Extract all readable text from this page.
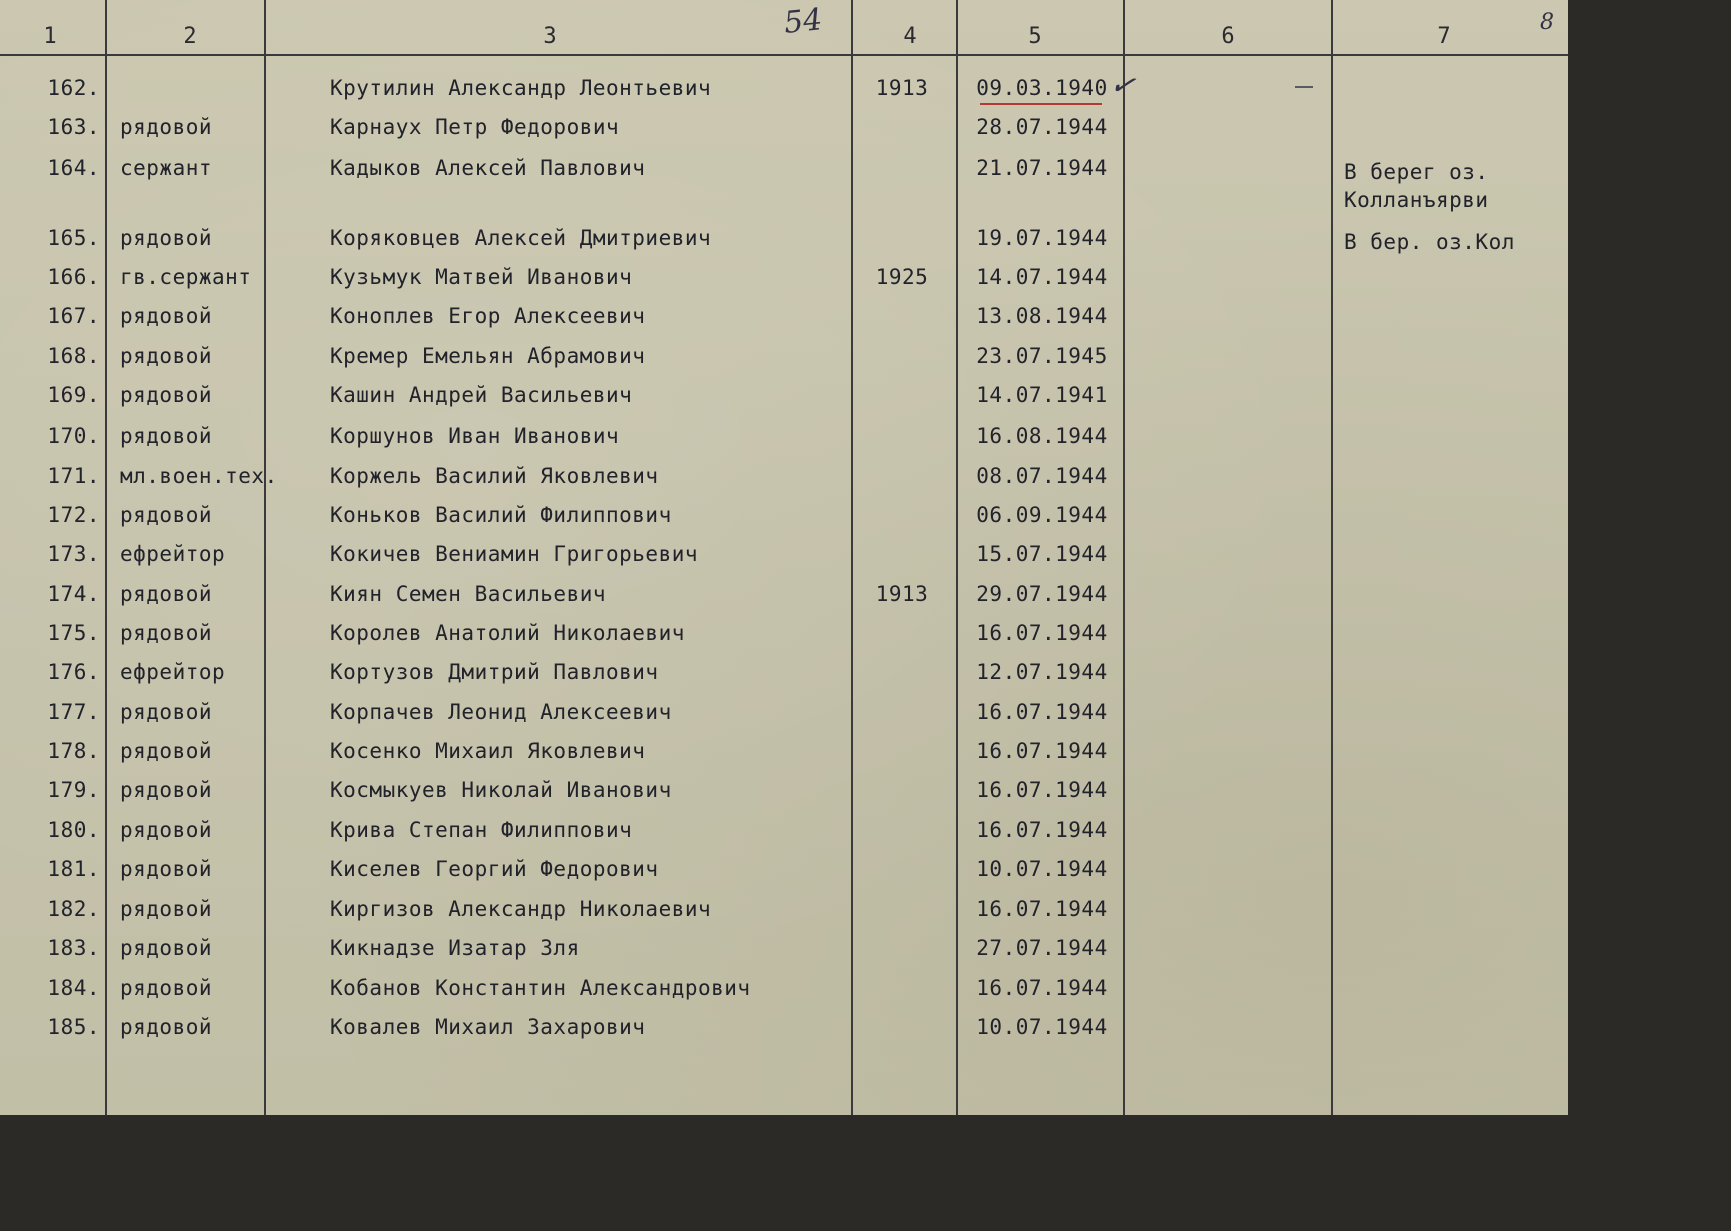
1	2	3	4	5	6	7
54	8
✓
162.	Крутилин Александр Леонтьевич	1913	09.03.1940
163. рядовой	Карнаух Петр Федорович	28.07.1944
164. сержант	Кадыков Алексей Павлович	21.07.1944	В берег оз. Колланъярви
165. рядовой	Коряковцев Алексей Дмитриевич	19.07.1944	В бер. оз.Кол
166. гв.сержант	Кузьмук Матвей Иванович	1925	14.07.1944
167. рядовой	Коноплев Егор Алексеевич	13.08.1944
168. рядовой	Кремер Емельян Абрамович	23.07.1945
169. рядовой	Кашин Андрей Васильевич	14.07.1941
170. рядовой	Коршунов Иван Иванович	16.08.1944
171. мл.воен.тех.	Коржель Василий Яковлевич	08.07.1944
172. рядовой	Коньков Василий Филиппович	06.09.1944
173. ефрейтор	Кокичев Вениамин Григорьевич	15.07.1944
174. рядовой	Киян Семен Васильевич	1913	29.07.1944
175. рядовой	Королев Анатолий Николаевич	16.07.1944
176. ефрейтор	Кортузов Дмитрий Павлович	12.07.1944
177. рядовой	Корпачев Леонид Алексеевич	16.07.1944
178. рядовой	Косенко Михаил Яковлевич	16.07.1944
179. рядовой	Космыкуев Николай Иванович	16.07.1944
180. рядовой	Крива Степан Филиппович	16.07.1944
181. рядовой	Киселев Георгий Федорович	10.07.1944
182. рядовой	Киргизов Александр Николаевич	16.07.1944
183. рядовой	Кикнадзе Изатар Зля	27.07.1944
184. рядовой	Кобанов Константин Александрович	16.07.1944
185. рядовой	Ковалев Михаил Захарович	10.07.1944
